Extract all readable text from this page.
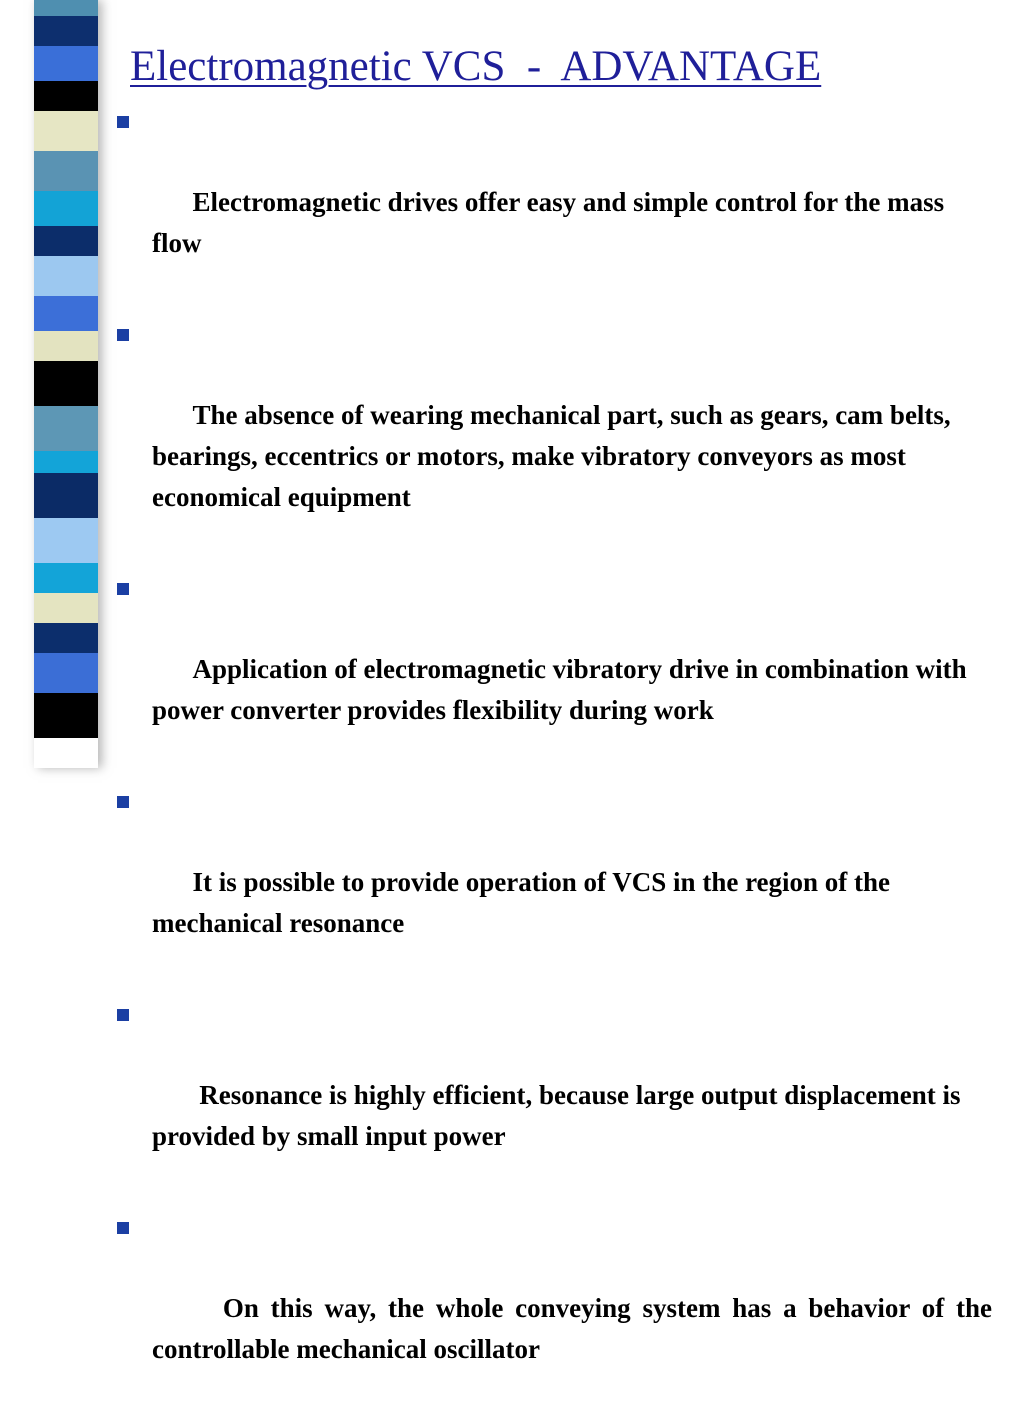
Electromagnetic VCS  -  ADVANTAGE

Electromagnetic drives offer easy and simple control for the mass flow

The absence of wearing mechanical part, such as gears, cam belts, bearings, eccentrics or motors, make vibratory conveyors as most economical equipment

Application of electromagnetic vibratory drive in combination with power converter provides flexibility during work

It is possible to provide operation of VCS in the region of the mechanical resonance

Resonance is highly efficient, because large output displacement is provided by small input power

On this way, the whole conveying system has a behavior of the controllable mechanical oscillator
